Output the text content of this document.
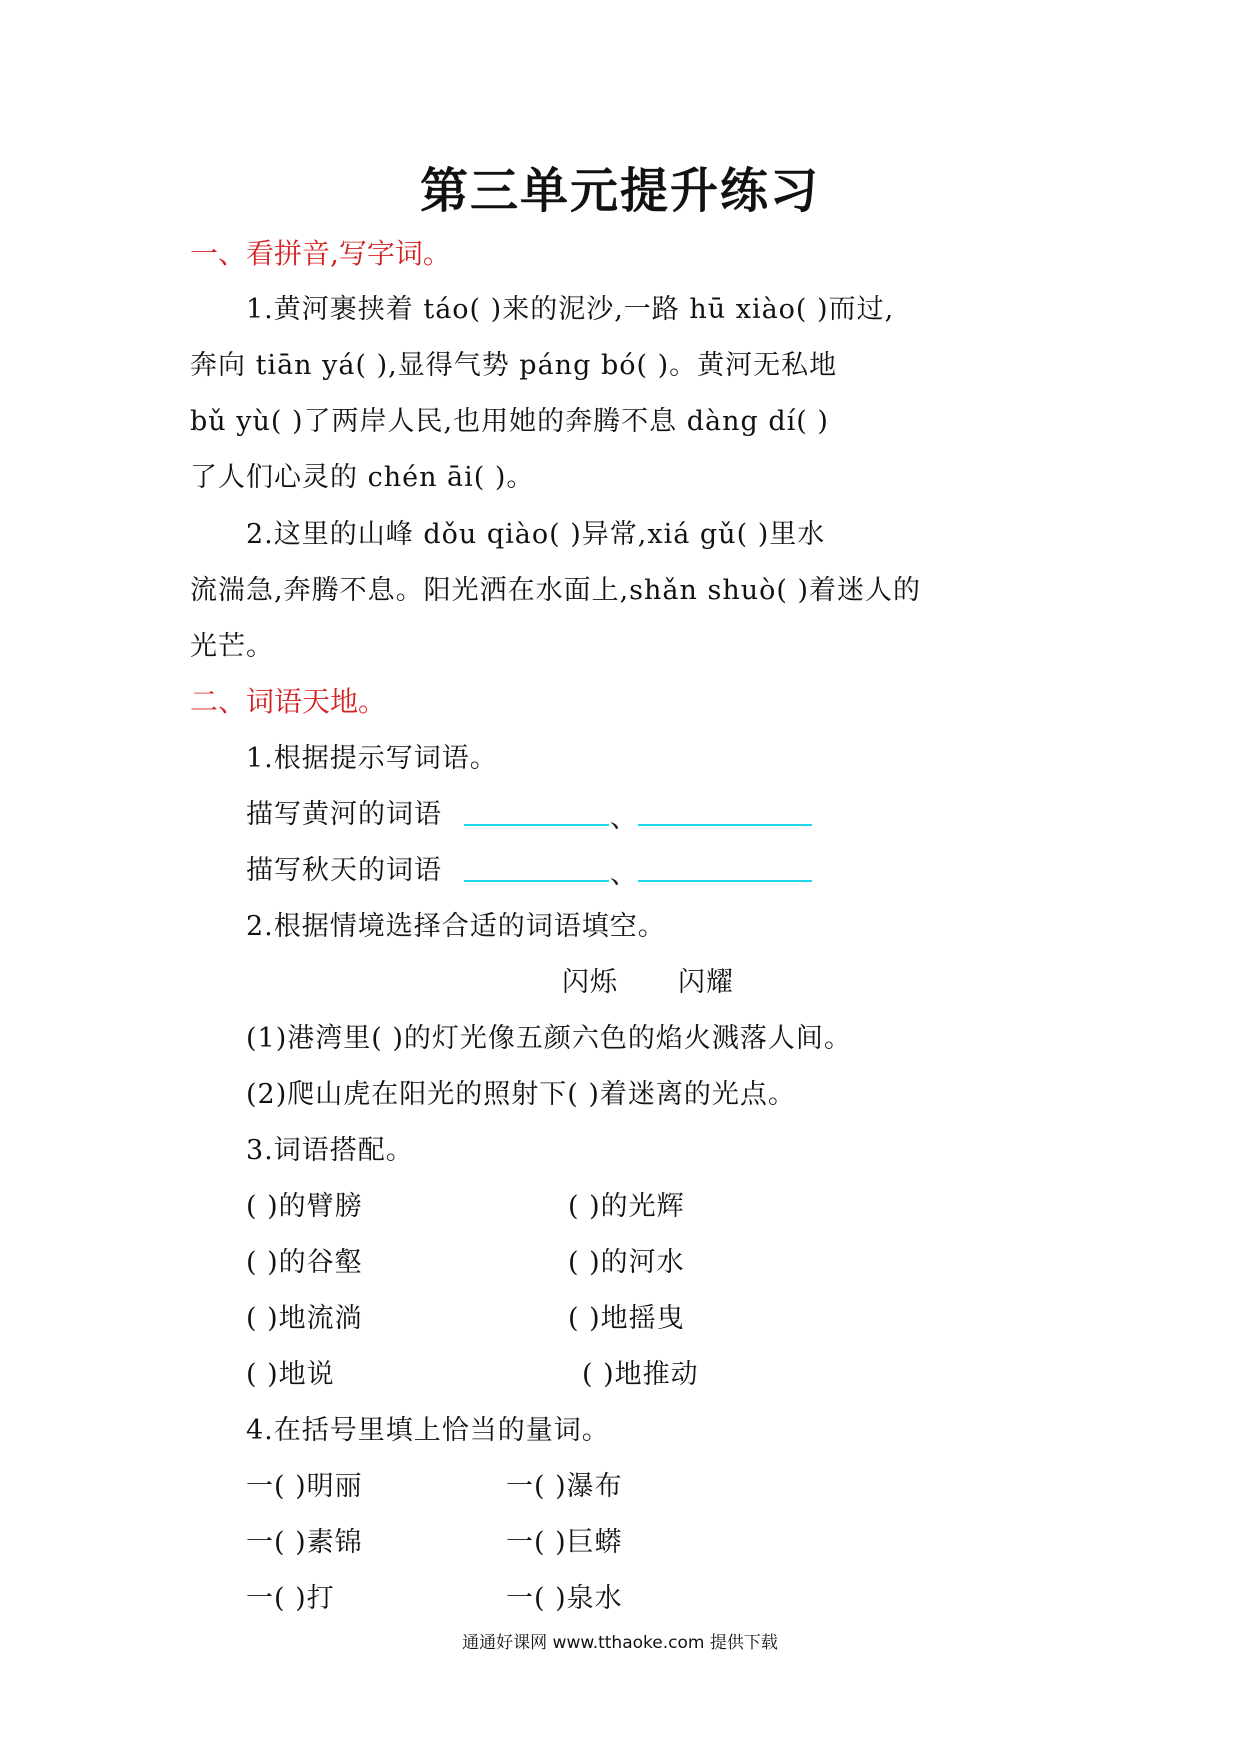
第三单元提升练习
一、看拼音,写字词。
1.黄河裹挟着 táo( )来的泥沙,一路 hū xiào( )而过,
奔向 tiān yá( ),显得气势 páng bó( )。黄河无私地
bǔ yù( )了两岸人民,也用她的奔腾不息 dàng dí( )
了人们心灵的 chén āi( )。
2.这里的山峰 dǒu qiào( )异常,xiá gǔ( )里水
流湍急,奔腾不息。阳光洒在水面上,shǎn shuò( )着迷人的
光芒。
二、词语天地。
1.根据提示写词语。
描写黄河的词语	、
描写秋天的词语	、
2.根据情境选择合适的词语填空。
闪烁 闪耀
(1)港湾里( )的灯光像五颜六色的焰火溅落人间。
(2)爬山虎在阳光的照射下( )着迷离的光点。
3.词语搭配。
( )的臂膀	( )的光辉
( )的谷壑	( )的河水
( )地流淌	( )地摇曳
( )地说	( )地推动
4.在括号里填上恰当的量词。
一( )明丽	一( )瀑布
一( )素锦	一( )巨蟒
一( )打	一( )泉水
通通好课网 www.tthaoke.com 提供下载
